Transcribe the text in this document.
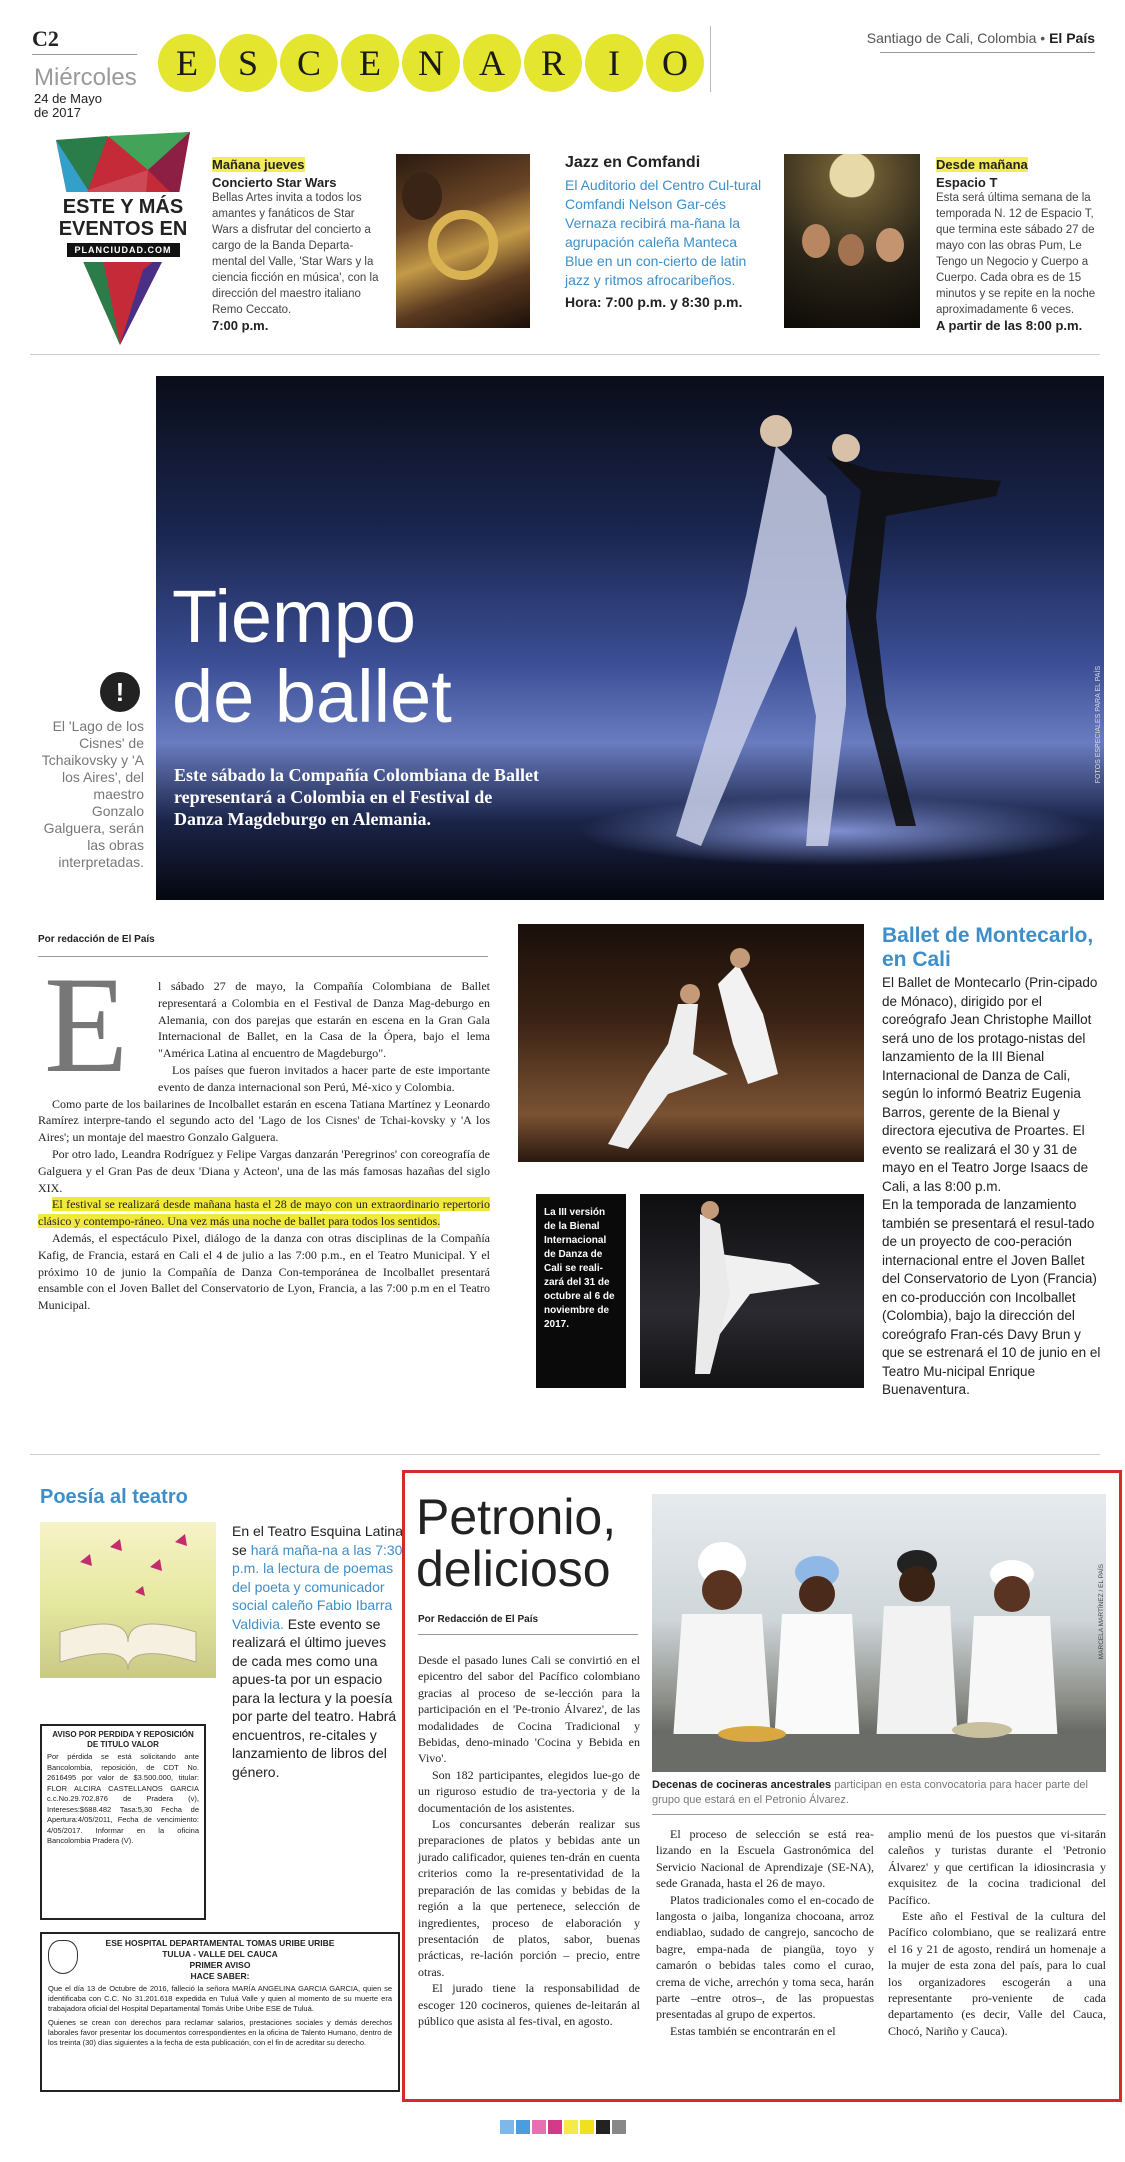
C2
Miércoles
24 de Mayo
de 2017
E	S	C	E	N A R	I	O
Santiago de Cali, Colombia • El País
ESTE Y MÁS
EVENTOS EN
PLANCIUDAD.COM
Mañana jueves
Concierto Star Wars
Bellas Artes invita a todos los amantes y fanáticos de Star Wars a disfrutar del concierto a cargo de la Banda Departa-mental del Valle, 'Star Wars y la ciencia ficción en música', con la dirección del maestro italiano Remo Ceccato.
7:00 p.m.
Jazz en Comfandi
El Auditorio del Centro Cul-tural Comfandi Nelson Gar-cés Vernaza recibirá ma-ñana la agrupación caleña Manteca Blue en un con-cierto de latin jazz y ritmos afrocaribeños.
Hora: 7:00 p.m. y 8:30 p.m.
Desde mañana
Espacio T
Esta será última semana de la temporada N. 12 de Espacio T, que termina este sábado 27 de mayo con las obras Pum, Le Tengo un Negocio y Cuerpo a Cuerpo. Cada obra es de 15 minutos y se repite en la noche aproximadamente 6 veces.
A partir de las 8:00 p.m.
FOTOS ESPECIALES PARA EL PAÍS
Tiempo
de ballet
Este sábado la Compañía Colombiana de Ballet representará a Colombia en el Festival de Danza Magdeburgo en Alemania.
!
El 'Lago de los Cisnes' de Tchaikovsky y 'A los Aires', del maestro Gonzalo Galguera, serán las obras interpretadas.
Por redacción de El País
E	l sábado 27 de mayo, la Compañía Colombiana de Ballet representará a Colombia en el Festival de Danza Mag-deburgo en Alemania, con dos parejas que estarán en escena en la Gran Gala Internacional de Ballet, en la Casa de la Ópera, bajo el lema "América Latina al encuentro de Magdeburgo".

Los países que fueron invitados a hacer parte de este importante evento de danza internacional son Perú, Mé-xico y Colombia.

Como parte de los bailarines de Incolballet estarán en escena Tatiana Martínez y Leonardo Ramírez interpre-tando el segundo acto del 'Lago de los Cisnes' de Tchai-kovsky y 'A los Aires'; un montaje del maestro Gonzalo Galguera.

Por otro lado, Leandra Rodríguez y Felipe Vargas danzarán 'Peregrinos' con coreografía de Galguera y el Gran Pas de deux 'Diana y Acteon', una de las más famosas hazañas del siglo XIX.

El festival se realizará desde mañana hasta el 28 de mayo con un extraordinario repertorio clásico y contempo-ráneo. Una vez más una noche de ballet para todos los sentidos.

Además, el espectáculo Pixel, diálogo de la danza con otras disciplinas de la Compañía Kafig, de Francia, estará en Cali el 4 de julio a las 7:00 p.m., en el Teatro Municipal. Y el próximo 10 de junio la Compañía de Danza Con-temporánea de Incolballet presentará ensamble con el Joven Ballet del Conservatorio de Lyon, Francia, a las 7:00 p.m en el Teatro Municipal.

La III versión de la Bienal Internacional de Danza de Cali se reali-zará del 31 de octubre al 6 de noviembre de 2017.
Ballet de Montecarlo, en Cali

El Ballet de Montecarlo (Prin-cipado de Mónaco), dirigido por el coreógrafo Jean Christophe Maillot será uno de los protago-nistas del lanzamiento de la III Bienal Internacional de Danza de Cali, según lo informó Beatriz Eugenia Barros, gerente de la Bienal y directora ejecutiva de Proartes. El evento se realizará el 30 y 31 de mayo en el Teatro Jorge Isaacs de Cali, a las 8:00 p.m.

En la temporada de lanzamiento también se presentará el resul-tado de un proyecto de coo-peración internacional entre el Joven Ballet del Conservatorio de Lyon (Francia) en co-producción con Incolballet (Colombia), bajo la dirección del coreógrafo Fran-cés Davy Brun y que se estrenará el 10 de junio en el Teatro Mu-nicipal Enrique Buenaventura.

Poesía al teatro
En el Teatro Esquina Latina se hará maña-na a las 7:30 p.m. la lectura de poemas del poeta y comunicador social caleño Fabio Ibarra Valdivia. Este evento se realizará el último jueves de cada mes como una apues-ta por un espacio para la lectura y la poesía por parte del teatro. Habrá encuentros, re-citales y lanzamiento de libros del género.
AVISO POR PERDIDA Y REPOSICIÓN DE TITULO VALOR
Por pérdida se está solicitando ante Bancolombia, reposición, de CDT No. 2616495 por valor de $3.500.000, titular: FLOR ALCIRA CASTELLANOS GARCIA c.c.No.29.702.876 de Pradera (v), Intereses:$688.482 Tasa:5,30 Fecha de Apertura:4/05/2011, Fecha de vencimiento: 4/05/2017. Informar en la oficina Bancolombia Pradera (V).
ESE HOSPITAL DEPARTAMENTAL TOMAS URIBE URIBE
TULUA - VALLE DEL CAUCA
PRIMER AVISO
HACE SABER:
Que el día 13 de Octubre de 2016, falleció la señora MARÍA ANGELINA GARCIA GARCIA, quien se identificaba con C.C. No 31.201.618 expedida en Tuluá Valle y quien al momento de su muerte era trabajadora oficial del Hospital Departamental Tomás Uribe Uribe ESE de Tuluá.
Quienes se crean con derechos para reclamar salarios, prestaciones sociales y demás derechos laborales favor presentar los documentos correspondientes en la oficina de Talento Humano, dentro de los treinta (30) días siguientes a la fecha de esta publicación, con el fin de acreditar su derecho.
Petronio,
delicioso
Por Redacción de El País	MARCELA MARTÍNEZ / EL PAÍS
Decenas de cocineras ancestrales participan en esta convocatoria para hacer parte del grupo que estará en el Petronio Álvarez.

Desde el pasado lunes Cali se convirtió en el epicentro del sabor del Pacífico colombiano gracias al proceso de se-lección para la participación en el 'Pe-tronio Álvarez', de las modalidades de Cocina Tradicional y Bebidas, deno-minado 'Cocina y Bebida en Vivo'.

Son 182 participantes, elegidos lue-go de un riguroso estudio de tra-yectoria y de la documentación de los asistentes.

Los concursantes deberán realizar sus preparaciones de platos y bebidas ante un jurado calificador, quienes ten-drán en cuenta criterios como la re-presentatividad de la preparación de las comidas y bebidas de la región a la que pertenece, selección de ingredientes, proceso de elaboración y presentación de platos, sabor, buenas prácticas, re-lación porción – precio, entre otras.

El jurado tiene la responsabilidad de escoger 120 cocineros, quienes de-leitarán al público que asista al fes-tival, en agosto.

El proceso de selección se está rea-lizando en la Escuela Gastronómica del Servicio Nacional de Aprendizaje (SE-NA), sede Granada, hasta el 26 de mayo.

Platos tradicionales como el en-cocado de langosta o jaiba, longaniza chocoana, arroz endiablao, sudado de cangrejo, sancocho de bagre, empa-nada de piangüa, toyo y camarón o bebidas tales como el curao, crema de viche, arrechón y toma seca, harán parte –entre otros–, de las propuestas presentadas al grupo de expertos.

Estas también se encontrarán en el

amplio menú de los puestos que vi-sitarán caleños y turistas durante el 'Petronio Álvarez' y que certifican la idiosincrasia y exquisitez de la cocina tradicional del Pacífico.

Este año el Festival de la cultura del Pacífico colombiano, que se realizará entre el 16 y 21 de agosto, rendirá un homenaje a la mujer de esta zona del país, para lo cual los organizadores escogerán a una representante pro-veniente de cada departamento (es decir, Valle del Cauca, Chocó, Nariño y Cauca).
